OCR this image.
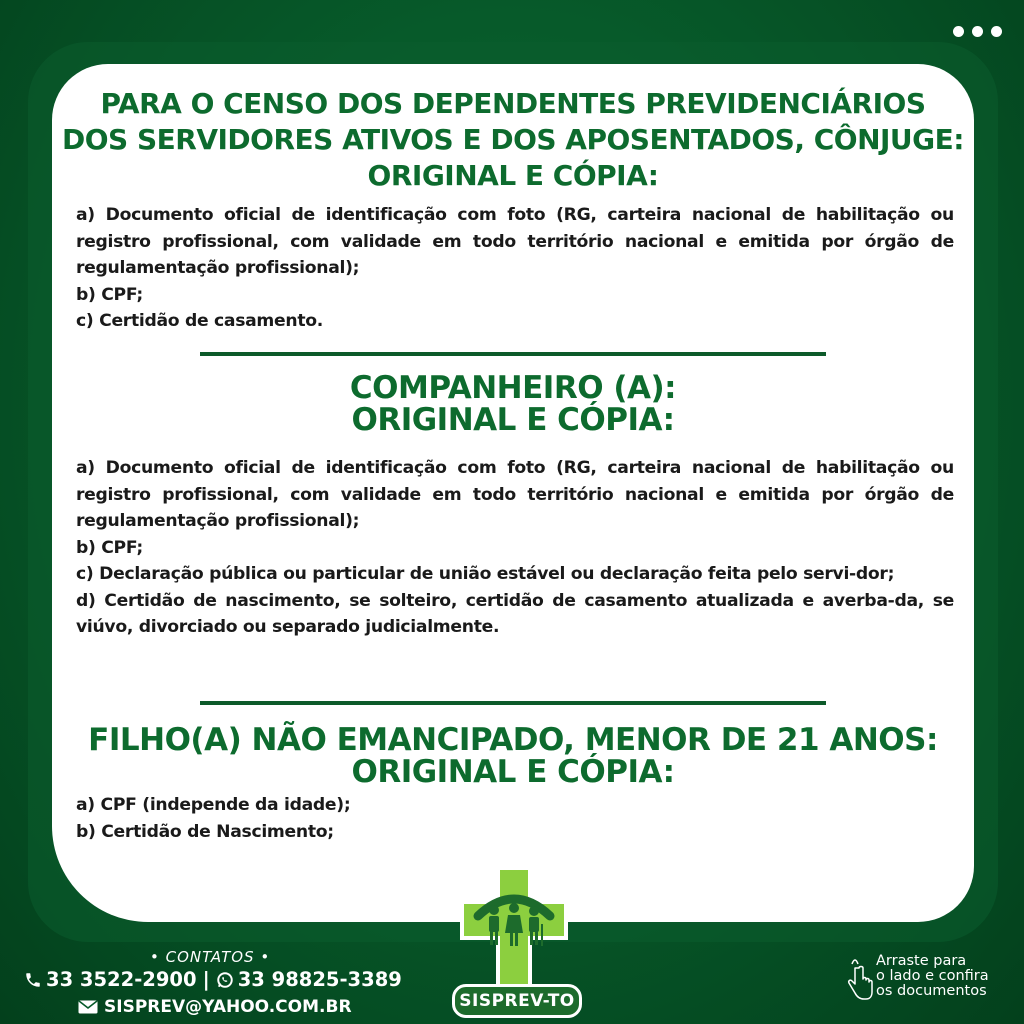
PARA O CENSO DOS DEPENDENTES PREVIDENCIÁRIOS

DOS SERVIDORES ATIVOS E DOS APOSENTADOS, CÔNJUGE:

ORIGINAL E CÓPIA:

a) Documento oficial de identificação com foto (RG, carteira nacional de habilitação ou registro profissional, com validade em todo território nacional e emitida por órgão de regulamentação profissional);

b) CPF;

c) Certidão de casamento.

COMPANHEIRO (A):

ORIGINAL E CÓPIA:

a) Documento oficial de identificação com foto (RG, carteira nacional de habilitação ou registro profissional, com validade em todo território nacional e emitida por órgão de regulamentação profissional);

b) CPF;

c) Declaração pública ou particular de união estável ou declaração feita pelo servi-dor;

d) Certidão de nascimento, se solteiro, certidão de casamento atualizada e averba-da, se viúvo, divorciado ou separado judicialmente.

FILHO(A) NÃO EMANCIPADO, MENOR DE 21 ANOS:

ORIGINAL E CÓPIA:

a) CPF (independe da idade);

b) Certidão de Nascimento;

• CONTATOS •
33 3522-2900 | 33 98825-3389
SISPREV@YAHOO.COM.BR	SISPREV-TO
Arraste para
o lado e confira
os documentos
